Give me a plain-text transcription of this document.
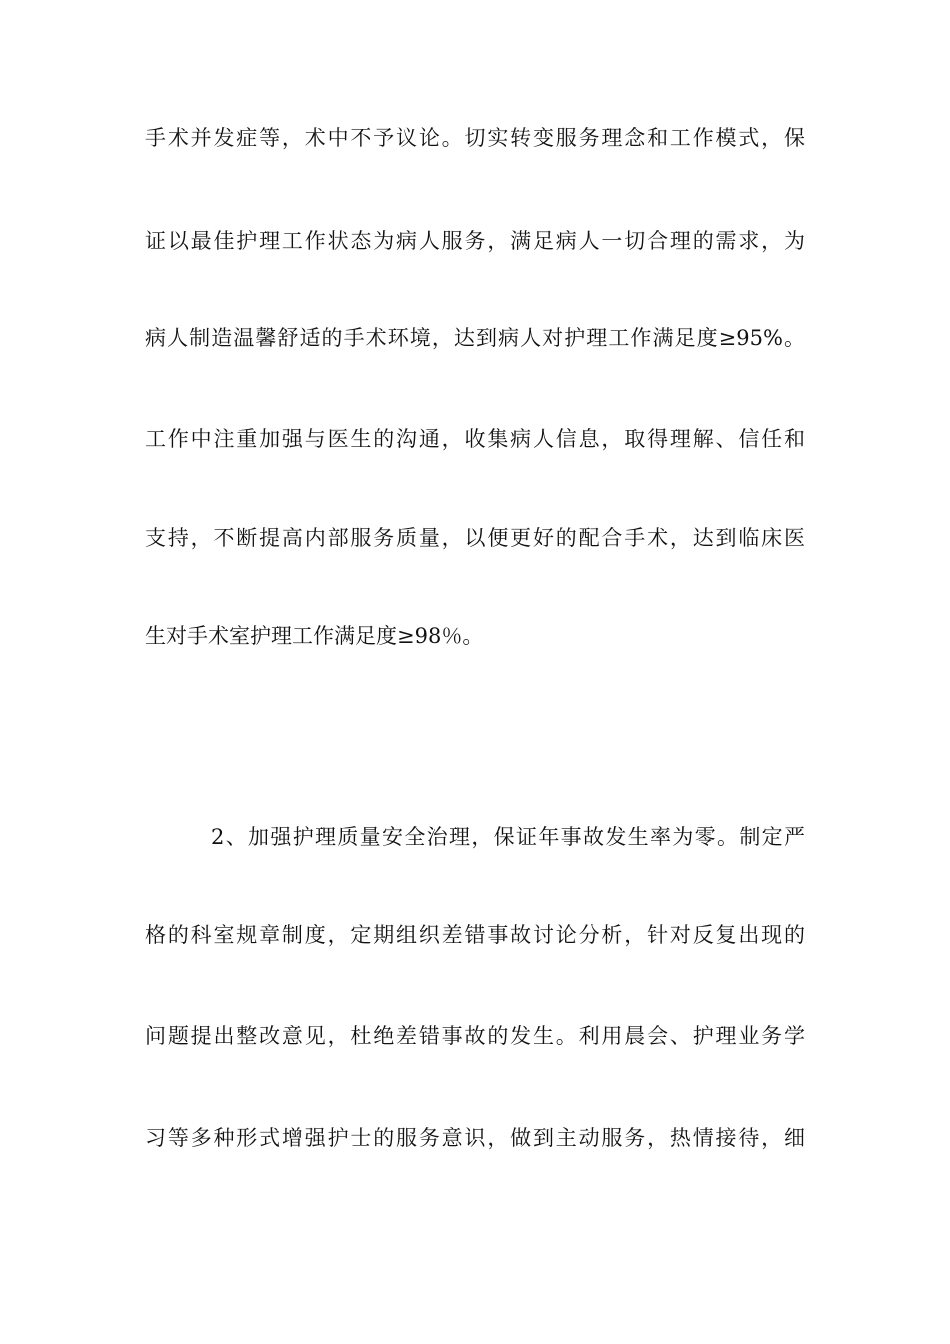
手术并发症等，术中不予议论。切实转变服务理念和工作模式，保

证以最佳护理工作状态为病人服务，满足病人一切合理的需求，为

病人制造温馨舒适的手术环境，达到病人对护理工作满足度≥95%。

工作中注重加强与医生的沟通，收集病人信息，取得理解、信任和

支持，不断提高内部服务质量，以便更好的配合手术，达到临床医

生对手术室护理工作满足度≥98％。

2、加强护理质量安全治理，保证年事故发生率为零。制定严

格的科室规章制度，定期组织差错事故讨论分析，针对反复出现的

问题提出整改意见，杜绝差错事故的发生。利用晨会、护理业务学

习等多种形式增强护士的服务意识，做到主动服务，热情接待，细
